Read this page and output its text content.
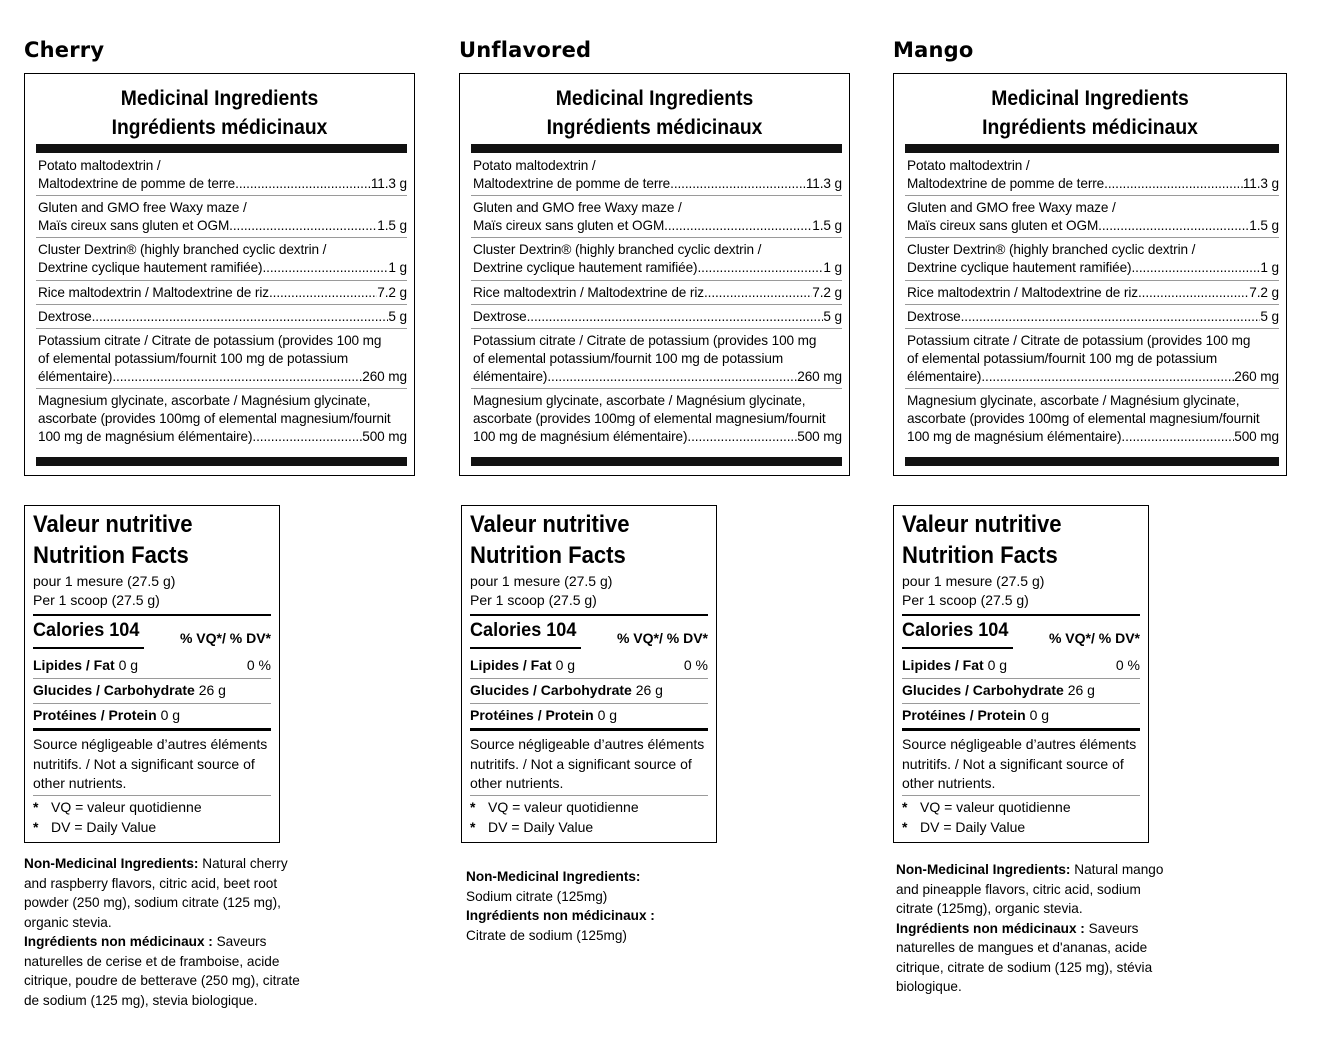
Cherry
Medicinal Ingredients
Ingrédients médicinaux
Potato maltodextrin /
Maltodextrine de pomme de terre .....	11.3 g
Gluten and GMO free Waxy maze /
Maïs cireux sans gluten et OGM .....	1.5 g
Cluster Dextrin® (highly branched cyclic dextrin /
Dextrine cyclique hautement ramifiée) .....	1 g
Rice maltodextrin / Maltodextrine de riz .....	7.2 g
Dextrose .....	5 g
Potassium citrate / Citrate de potassium (provides 100 mg
of elemental potassium/fournit 100 mg de potassium
élémentaire) .....	260 mg
Magnesium glycinate, ascorbate / Magnésium glycinate,
ascorbate (provides 100mg of elemental magnesium/fournit
100 mg de magnésium élémentaire) .....	500 mg
Valeur nutritive
Nutrition Facts
pour 1 mesure (27.5 g)
Per 1 scoop (27.5 g)
Calories 104	% VQ*/ % DV*
Lipides / Fat 0 g	0 %
Glucides / Carbohydrate 26 g
Protéines / Protein 0 g
Source négligeable d’autres éléments nutritifs. / Not a significant source of other nutrients.
* VQ = valeur quotidienne
* DV = Daily Value
Non-Medicinal Ingredients: Natural cherry and raspberry flavors, citric acid, beet root powder (250 mg), sodium citrate (125 mg), organic stevia.
Ingrédients non médicinaux : Saveurs naturelles de cerise et de framboise, acide citrique, poudre de betterave (250 mg), citrate de sodium (125 mg), stevia biologique.
Unflavored
Medicinal Ingredients
Ingrédients médicinaux
Potato maltodextrin /
Maltodextrine de pomme de terre .....	11.3 g
Gluten and GMO free Waxy maze /
Maïs cireux sans gluten et OGM .....	1.5 g
Cluster Dextrin® (highly branched cyclic dextrin /
Dextrine cyclique hautement ramifiée) .....	1 g
Rice maltodextrin / Maltodextrine de riz .....	7.2 g
Dextrose .....	5 g
Potassium citrate / Citrate de potassium (provides 100 mg
of elemental potassium/fournit 100 mg de potassium
élémentaire) .....	260 mg
Magnesium glycinate, ascorbate / Magnésium glycinate,
ascorbate (provides 100mg of elemental magnesium/fournit
100 mg de magnésium élémentaire) .....	500 mg
Valeur nutritive
Nutrition Facts
pour 1 mesure (27.5 g)
Per 1 scoop (27.5 g)
Calories 104	% VQ*/ % DV*
Lipides / Fat 0 g	0 %
Glucides / Carbohydrate 26 g
Protéines / Protein 0 g
Source négligeable d’autres éléments nutritifs. / Not a significant source of other nutrients.
* VQ = valeur quotidienne
* DV = Daily Value
Non-Medicinal Ingredients:
Sodium citrate (125mg)
Ingrédients non médicinaux :
Citrate de sodium (125mg)
Mango
Medicinal Ingredients
Ingrédients médicinaux
Potato maltodextrin /
Maltodextrine de pomme de terre .....	11.3 g
Gluten and GMO free Waxy maze /
Maïs cireux sans gluten et OGM .....	1.5 g
Cluster Dextrin® (highly branched cyclic dextrin /
Dextrine cyclique hautement ramifiée) .....	1 g
Rice maltodextrin / Maltodextrine de riz .....	7.2 g
Dextrose .....	5 g
Potassium citrate / Citrate de potassium (provides 100 mg
of elemental potassium/fournit 100 mg de potassium
élémentaire) .....	260 mg
Magnesium glycinate, ascorbate / Magnésium glycinate,
ascorbate (provides 100mg of elemental magnesium/fournit
100 mg de magnésium élémentaire) .....	500 mg
Valeur nutritive
Nutrition Facts
pour 1 mesure (27.5 g)
Per 1 scoop (27.5 g)
Calories 104	% VQ*/ % DV*
Lipides / Fat 0 g	0 %
Glucides / Carbohydrate 26 g
Protéines / Protein 0 g
Source négligeable d’autres éléments nutritifs. / Not a significant source of other nutrients.
* VQ = valeur quotidienne
* DV = Daily Value
Non-Medicinal Ingredients: Natural mango and pineapple flavors, citric acid, sodium citrate (125mg), organic stevia.
Ingrédients non médicinaux : Saveurs naturelles de mangues et d'ananas, acide citrique, citrate de sodium (125 mg), stévia biologique.
